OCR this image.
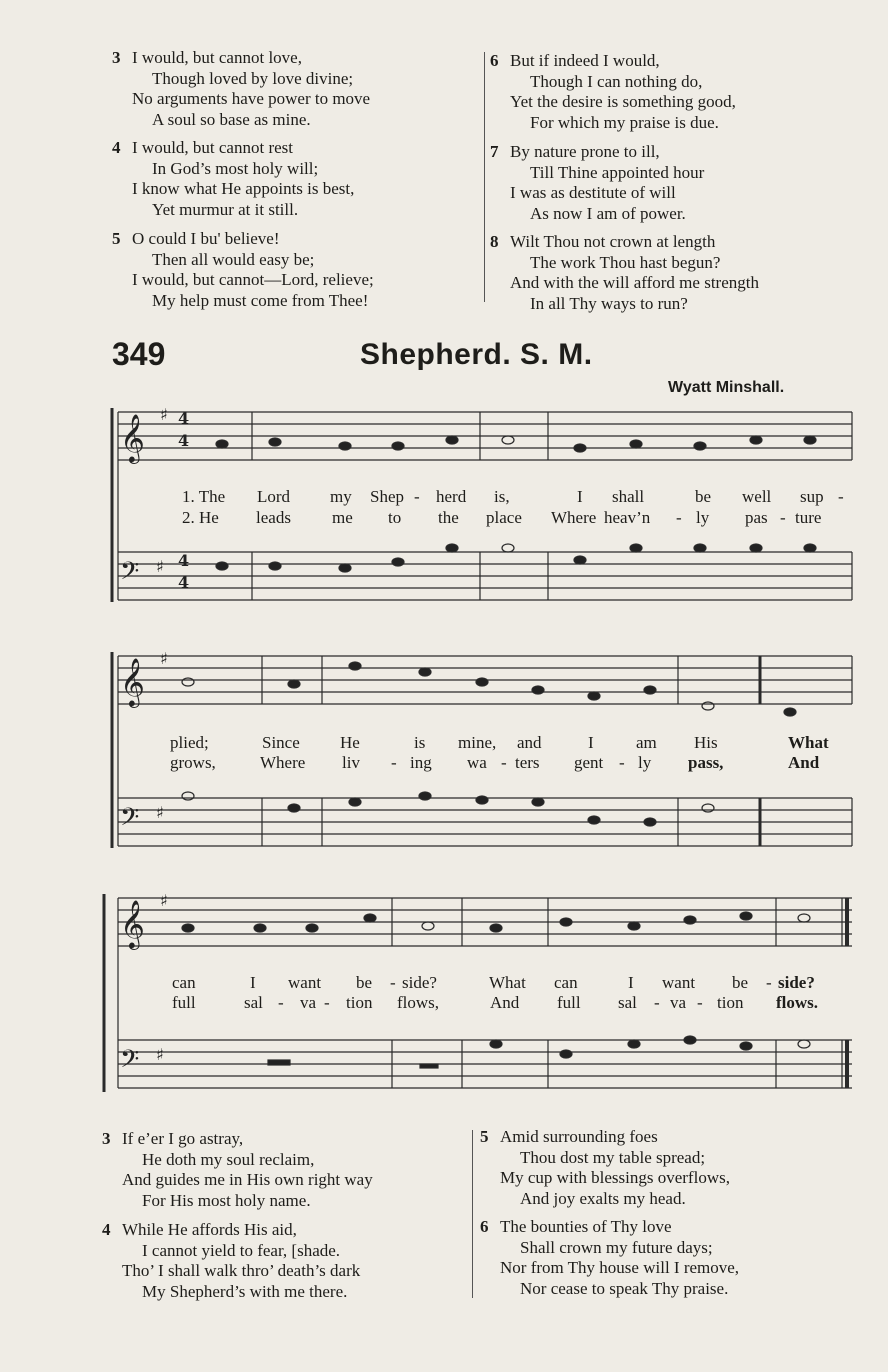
3 I would, but cannot love,
Though loved by love divine;
No arguments have power to move
A soul so base as mine.
4 I would, but cannot rest
In God’s most holy will;
I know what He appoints is best,
Yet murmur at it still.
5 O could I bu' believe!
Then all would easy be;
I would, but cannot—Lord, relieve;
My help must come from Thee!
6 But if indeed I would,
Though I can nothing do,
Yet the desire is something good,
For which my praise is due.
7 By nature prone to ill,
Till Thine appointed hour
I was as destitute of will
As now I am of power.
8 Wilt Thou not crown at length
The work Thou hast begun?
And with the will afford me strength
In all Thy ways to run?
349	Shepherd. S. M.
Wyatt Minshall.
4
4
4
4
𝄞
𝄞
𝄞
𝄢
𝄢
𝄢
♯
♯
♯
♯
♯
♯
1. The Lord my Shep - herd is,	I shall	be well sup -
2. He leads me to the place Where heav’n - ly pas - ture
plied;	Since He	is mine, and	I am His	What
grows,	Where liv - ing wa - ters gent - ly pass,	And
can	I want be - side?	What can	I want be - side?
full	sal - va - tion flows,	And full sal - va - tion flows.
3 If e’er I go astray,
He doth my soul reclaim,
And guides me in His own right way
For His most holy name.
4 While He affords His aid,
I cannot yield to fear, [shade.
Tho’ I shall walk thro’ death’s dark
My Shepherd’s with me there.
5 Amid surrounding foes
Thou dost my table spread;
My cup with blessings overflows,
And joy exalts my head.
6 The bounties of Thy love
Shall crown my future days;
Nor from Thy house will I remove,
Nor cease to speak Thy praise.
